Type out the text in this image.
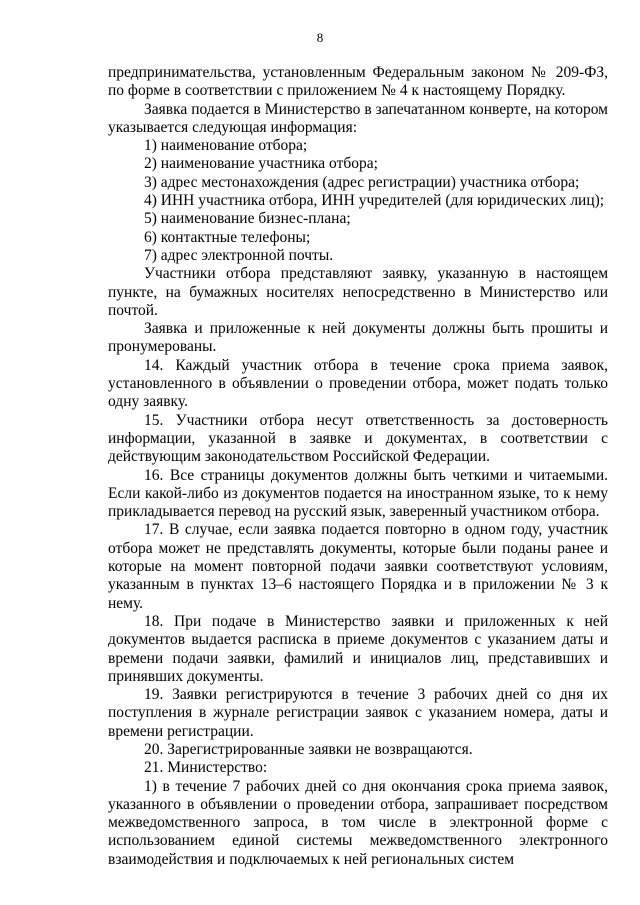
8

предпринимательства, установленным Федеральным законом № 209-ФЗ, по форме в соответствии с приложением № 4 к настоящему Порядку.

Заявка подается в Министерство в запечатанном конверте, на котором указывается следующая информация:

1) наименование отбора;

2) наименование участника отбора;

3) адрес местонахождения (адрес регистрации) участника отбора;

4) ИНН участника отбора, ИНН учредителей (для юридических лиц);

5) наименование бизнес-плана;

6) контактные телефоны;

7) адрес электронной почты.

Участники отбора представляют заявку, указанную в настоящем пункте, на бумажных носителях непосредственно в Министерство или почтой.

Заявка и приложенные к ней документы должны быть прошиты и пронумерованы.

14. Каждый участник отбора в течение срока приема заявок, установленного в объявлении о проведении отбора, может подать только одну заявку.

15. Участники отбора несут ответственность за достоверность информации, указанной в заявке и документах, в соответствии с действующим законодательством Российской Федерации.

16. Все страницы документов должны быть четкими и читаемыми. Если какой-либо из документов подается на иностранном языке, то к нему прикладывается перевод на русский язык, заверенный участником отбора.

17. В случае, если заявка подается повторно в одном году, участник отбора может не представлять документы, которые были поданы ранее и которые на момент повторной подачи заявки соответствуют условиям, указанным в пунктах 13–6 настоящего Порядка и в приложении № 3 к нему.

18. При подаче в Министерство заявки и приложенных к ней документов выдается расписка в приеме документов с указанием даты и времени подачи заявки, фамилий и инициалов лиц, представивших и принявших документы.

19. Заявки регистрируются в течение 3 рабочих дней со дня их поступления в журнале регистрации заявок с указанием номера, даты и времени регистрации.

20. Зарегистрированные заявки не возвращаются.

21. Министерство:

1) в течение 7 рабочих дней со дня окончания срока приема заявок, указанного в объявлении о проведении отбора, запрашивает посредством межведомственного запроса, в том числе в электронной форме с использованием единой системы межведомственного электронного взаимодействия и подключаемых к ней региональных систем
